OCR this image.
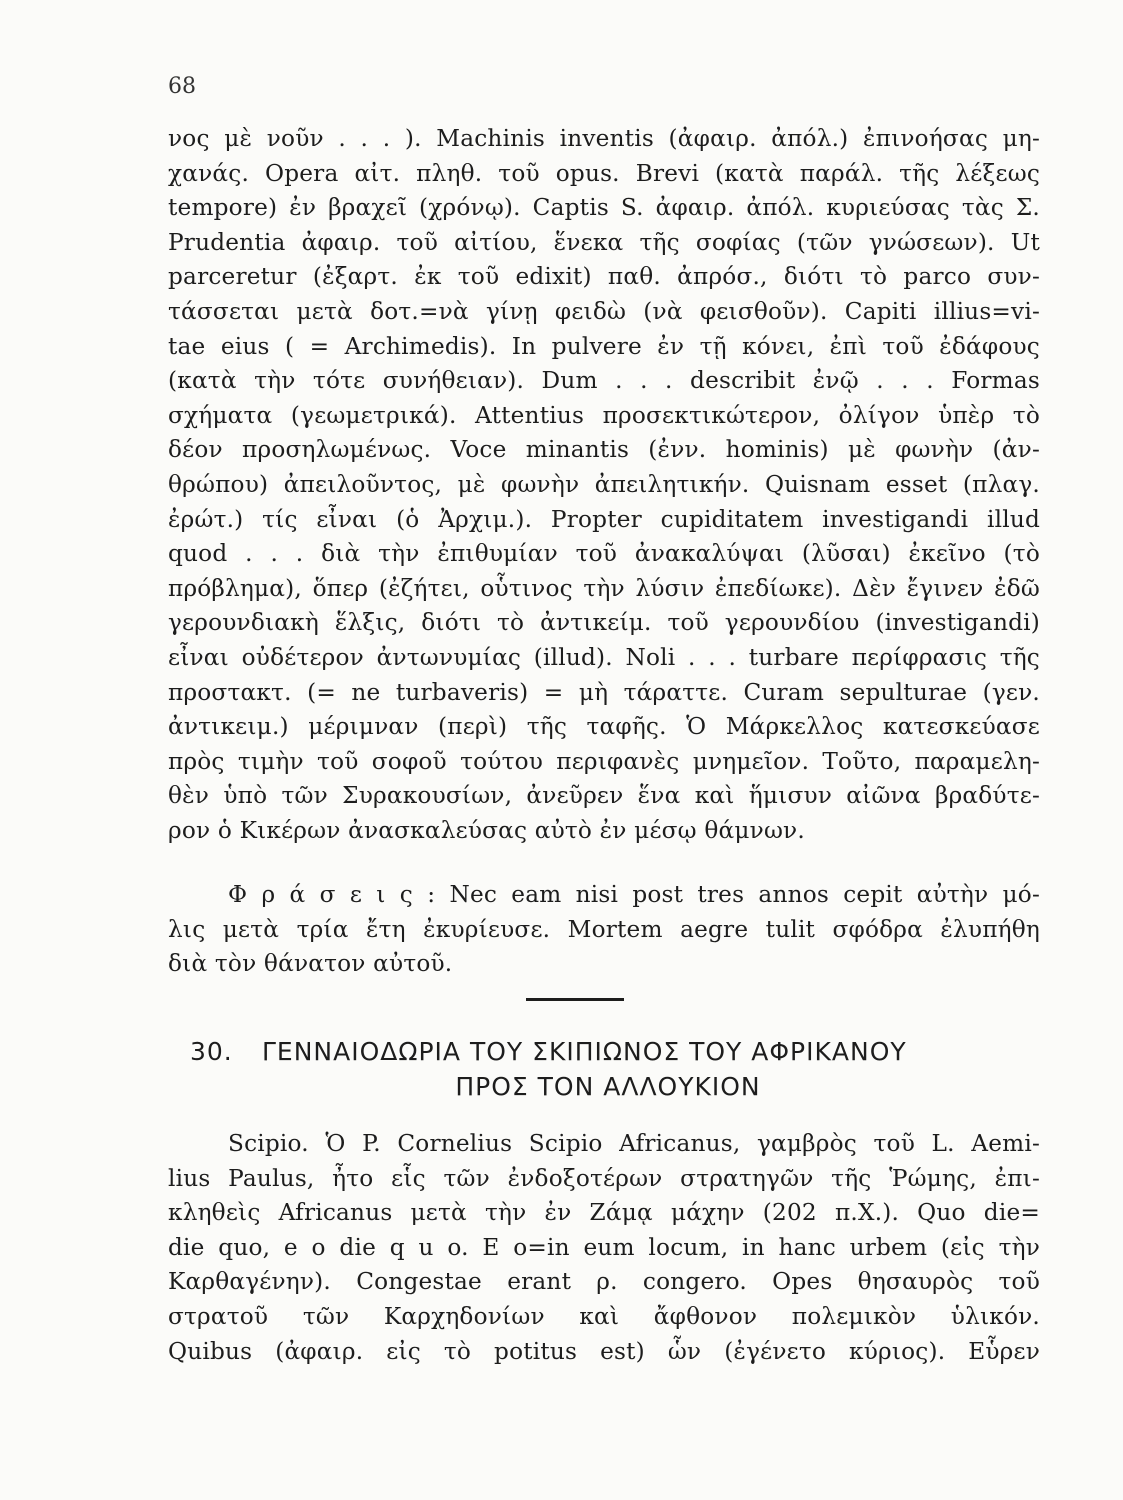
68
νος μὲ νοῦν . . . ). Machinis inventis (ἀφαιρ. ἀπόλ.) ἐπινοήσας μη-
χανάς. Opera αἰτ. πληθ. τοῦ opus. Brevi (κατὰ παράλ. τῆς λέξεως
tempore) ἐν βραχεῖ (χρόνῳ). Captis S. ἀφαιρ. ἀπόλ. κυριεύσας τὰς Σ.
Prudentia ἀφαιρ. τοῦ αἰτίου, ἕνεκα τῆς σοφίας (τῶν γνώσεων). Ut
parceretur (ἐξαρτ. ἐκ τοῦ edixit) παθ. ἀπρόσ., διότι τὸ parco συν-
τάσσεται μετὰ δοτ.=νὰ γίνῃ φειδὼ (νὰ φεισθοῦν). Capiti illius=vi-
tae eius ( = Archimedis). In pulvere ἐν τῇ κόνει, ἐπὶ τοῦ ἐδάφους
(κατὰ τὴν τότε συνήθειαν). Dum . . . describit ἐνῷ . . . Formas
σχήματα (γεωμετρικά). Attentius προσεκτικώτερον, ὀλίγον ὑπὲρ τὸ
δέον προσηλωμένως. Voce minantis (ἐνν. hominis) μὲ φωνὴν (ἀν-
θρώπου) ἀπειλοῦντος, μὲ φωνὴν ἀπειλητικήν. Quisnam esset (πλαγ.
ἐρώτ.) τίς εἶναι (ὁ Ἀρχιμ.). Propter cupiditatem investigandi illud
quod . . . διὰ τὴν ἐπιθυμίαν τοῦ ἀνακαλύψαι (λῦσαι) ἐκεῖνο (τὸ
πρόβλημα), ὅπερ (ἐζήτει, οὗτινος τὴν λύσιν ἐπεδίωκε). Δὲν ἔγινεν ἐδῶ
γερουνδιακὴ ἕλξις, διότι τὸ ἀντικείμ. τοῦ γερουνδίου (investigandi)
εἶναι οὐδέτερον ἀντωνυμίας (illud). Noli . . . turbare περίφρασις τῆς
προστακτ. (= ne turbaveris) = μὴ τάραττε. Curam sepulturae (γεν.
ἀντικειμ.) μέριμναν (περὶ) τῆς ταφῆς. Ὁ Μάρκελλος κατεσκεύασε
πρὸς τιμὴν τοῦ σοφοῦ τούτου περιφανὲς μνημεῖον. Τοῦτο, παραμελη-
θὲν ὑπὸ τῶν Συρακουσίων, ἀνεῦρεν ἕνα καὶ ἥμισυν αἰῶνα βραδύτε-
ρον ὁ Κικέρων ἀνασκαλεύσας αὐτὸ ἐν μέσῳ θάμνων.
Φ ρ ά σ ε ι ς : Nec eam nisi post tres annos cepit αὐτὴν μό-
λις μετὰ τρία ἔτη ἐκυρίευσε. Mortem aegre tulit σφόδρα ἐλυπήθη
διὰ τὸν θάνατον αὐτοῦ.
30. ΓΕΝΝΑΙΟΔΩΡΙΑ ΤΟΥ ΣΚΙΠΙΩΝΟΣ ΤΟΥ ΑΦΡΙΚΑΝΟΥ
ΠΡΟΣ ΤΟΝ ΑΛΛΟΥΚΙΟΝ
Scipio. Ὁ P. Cornelius Scipio Africanus, γαμβρὸς τοῦ L. Aemi-
lius Paulus, ἦτο εἷς τῶν ἐνδοξοτέρων στρατηγῶν τῆς Ῥώμης, ἐπι-
κληθεὶς Africanus μετὰ τὴν ἐν Ζάμᾳ μάχην (202 π.Χ.). Quo die=
die quo, e o die q u o. E o=in eum locum, in hanc urbem (εἰς τὴν
Καρθαγένην). Congestae erant ρ. congero. Opes θησαυρὸς τοῦ
στρατοῦ τῶν Καρχηδονίων καὶ ἄφθονον πολεμικὸν ὑλικόν.
Quibus (ἀφαιρ. εἰς τὸ potitus est) ὧν (ἐγένετο κύριος). Εὗρεν
